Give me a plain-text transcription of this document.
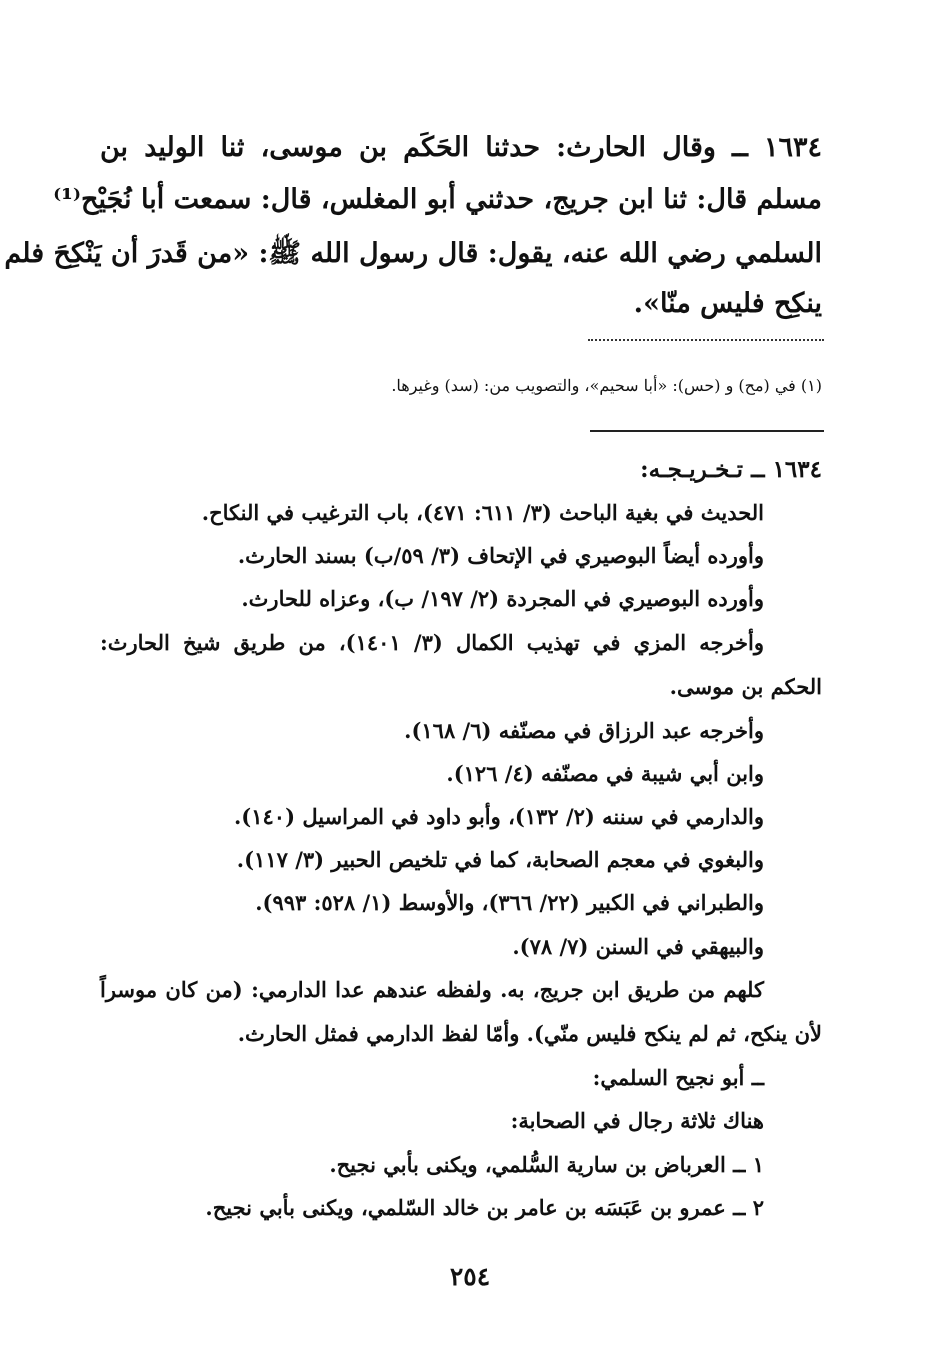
١٦٣٤ ــ وقال الحارث: حدثنا الحَكَم بن موسى، ثنا الوليد بن
مسلم قال: ثنا ابن جريج، حدثني أبو المغلس، قال: سمعت أبا نُجَيْح⁽¹⁾
السلمي رضي الله عنه، يقول: قال رسول الله ﷺ: «من قَدرَ أن يَنْكِحَ فلم
ينكِح فليس منّا».
(١) في (مح) و (حس): «أبا سحيم»، والتصويب من: (سد) وغيرها.
١٦٣٤ ــ تـخـريـجـه:
الحديث في بغية الباحث (٣/ ٦١١: ٤٧١)، باب الترغيب في النكاح.
وأورده أيضاً البوصيري في الإتحاف (٣/ ٥٩/ب) بسند الحارث.
وأورده البوصيري في المجردة (٢/ ١٩٧/ ب)، وعزاه للحارث.
وأخرجه المزي في تهذيب الكمال (٣/ ١٤٠١)، من طريق شيخ الحارث:
الحكم بن موسى.
وأخرجه عبد الرزاق في مصنّفه (٦/ ١٦٨).
وابن أبي شيبة في مصنّفه (٤/ ١٢٦).
والدارمي في سننه (٢/ ١٣٢)، وأبو داود في المراسيل (١٤٠).
والبغوي في معجم الصحابة، كما في تلخيص الحبير (٣/ ١١٧).
والطبراني في الكبير (٢٢/ ٣٦٦)، والأوسط (١/ ٥٢٨: ٩٩٣).
والبيهقي في السنن (٧/ ٧٨).
كلهم من طريق ابن جريج، به. ولفظه عندهم عدا الدارمي: (من كان موسراً
لأن ينكح، ثم لم ينكح فليس منّي). وأمّا لفظ الدارمي فمثل الحارث.
ــ أبو نجيح السلمي:
هناك ثلاثة رجال في الصحابة:
١ ــ العرباض بن سارية السُّلمي، ويكنى بأبي نجيح.
٢ ــ عمرو بن عَبَسَه بن عامر بن خالد السّلمي، ويكنى بأبي نجيح.
٢٥٤
